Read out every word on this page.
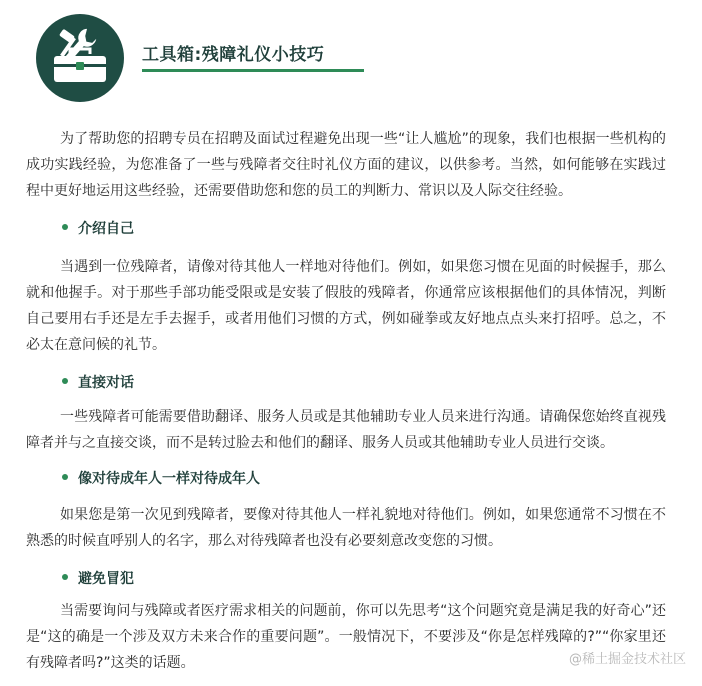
工具箱:残障礼仪小技巧

为了帮助您的招聘专员在招聘及面试过程避免出现一些“让人尴尬”的现象，我们也根据一些机构的成功实践经验，为您准备了一些与残障者交往时礼仪方面的建议，以供参考。当然，如何能够在实践过程中更好地运用这些经验，还需要借助您和您的员工的判断力、常识以及人际交往经验。

介绍自己

当遇到一位残障者，请像对待其他人一样地对待他们。例如，如果您习惯在见面的时候握手，那么就和他握手。对于那些手部功能受限或是安装了假肢的残障者，你通常应该根据他们的具体情况，判断自己要用右手还是左手去握手，或者用他们习惯的方式，例如碰拳或友好地点点头来打招呼。总之，不必太在意问候的礼节。

直接对话

一些残障者可能需要借助翻译、服务人员或是其他辅助专业人员来进行沟通。请确保您始终直视残障者并与之直接交谈，而不是转过脸去和他们的翻译、服务人员或其他辅助专业人员进行交谈。

像对待成年人一样对待成年人

如果您是第一次见到残障者，要像对待其他人一样礼貌地对待他们。例如，如果您通常不习惯在不熟悉的时候直呼别人的名字，那么对待残障者也没有必要刻意改变您的习惯。

避免冒犯

当需要询问与残障或者医疗需求相关的问题前，你可以先思考“这个问题究竟是满足我的好奇心”还是“这的确是一个涉及双方未来合作的重要问题”。一般情况下，不要涉及“你是怎样残障的?”“你家里还有残障者吗?”这类的话题。	@稀土掘金技术社区
